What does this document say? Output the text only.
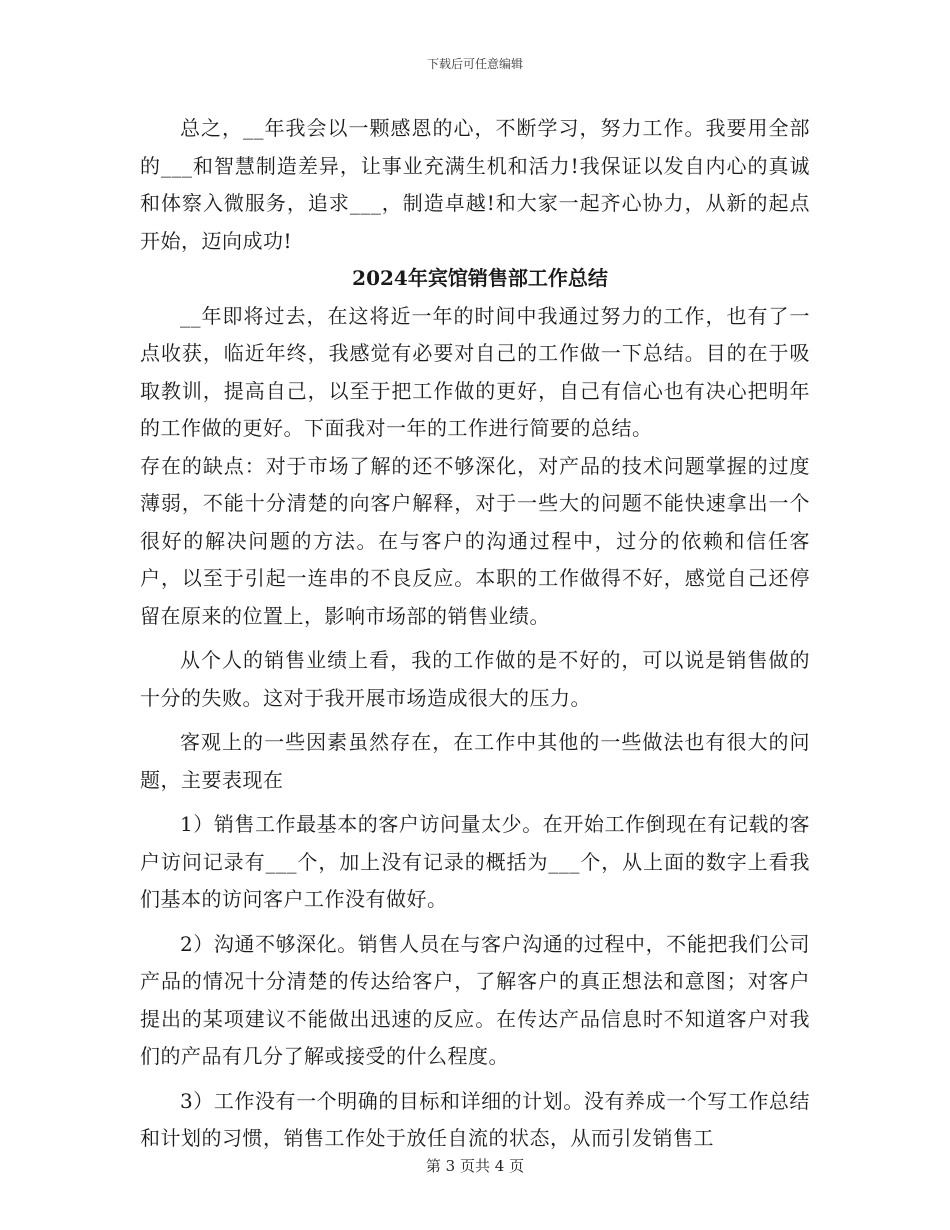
下载后可任意编辑

总之，__年我会以一颗感恩的心，不断学习，努力工作。我要用全部的___和智慧制造差异，让事业充满生机和活力!我保证以发自内心的真诚和体察入微服务，追求___，制造卓越!和大家一起齐心协力，从新的起点开始，迈向成功!

2024年宾馆销售部工作总结

__年即将过去，在这将近一年的时间中我通过努力的工作，也有了一点收获，临近年终，我感觉有必要对自己的工作做一下总结。目的在于吸取教训，提高自己，以至于把工作做的更好，自己有信心也有决心把明年的工作做的更好。下面我对一年的工作进行简要的总结。

存在的缺点：对于市场了解的还不够深化，对产品的技术问题掌握的过度薄弱，不能十分清楚的向客户解释，对于一些大的问题不能快速拿出一个很好的解决问题的方法。在与客户的沟通过程中，过分的依赖和信任客户，以至于引起一连串的不良反应。本职的工作做得不好，感觉自己还停留在原来的位置上，影响市场部的销售业绩。

从个人的销售业绩上看，我的工作做的是不好的，可以说是销售做的十分的失败。这对于我开展市场造成很大的压力。

客观上的一些因素虽然存在，在工作中其他的一些做法也有很大的问题，主要表现在

1）销售工作最基本的客户访问量太少。在开始工作倒现在有记载的客户访问记录有___个，加上没有记录的概括为___个，从上面的数字上看我们基本的访问客户工作没有做好。

2）沟通不够深化。销售人员在与客户沟通的过程中，不能把我们公司产品的情况十分清楚的传达给客户，了解客户的真正想法和意图；对客户提出的某项建议不能做出迅速的反应。在传达产品信息时不知道客户对我们的产品有几分了解或接受的什么程度。

3）工作没有一个明确的目标和详细的计划。没有养成一个写工作总结和计划的习惯，销售工作处于放任自流的状态，从而引发销售工

第 3 页共 4 页
